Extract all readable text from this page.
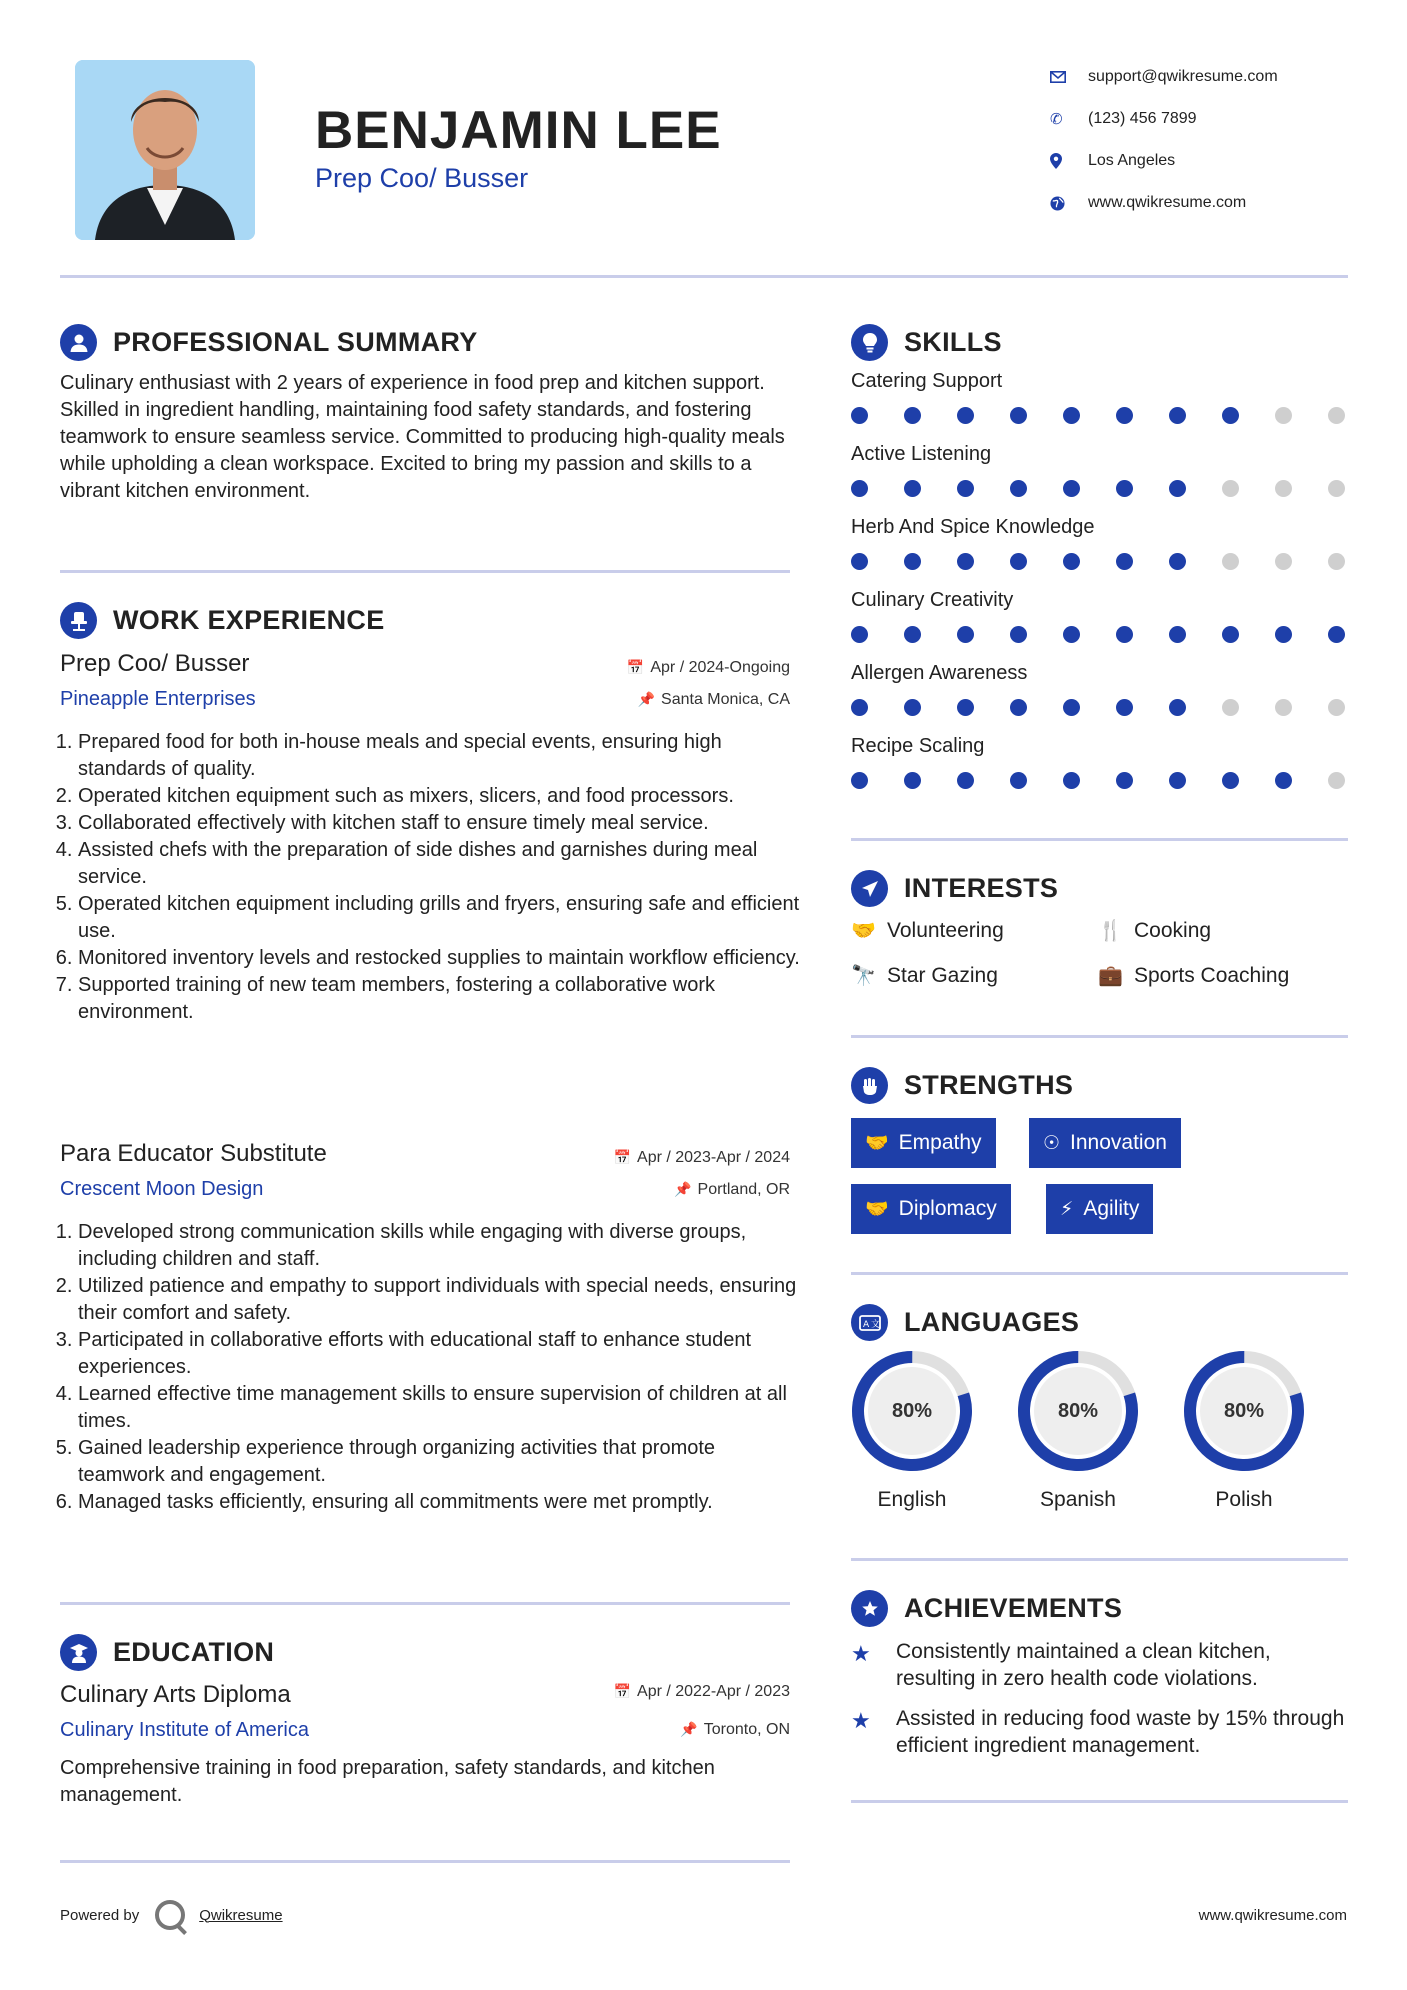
BENJAMIN LEE
Prep Coo/ Busser
support@qwikresume.com
✆	(123) 456 7899
Los Angeles
www.qwikresume.com
PROFESSIONAL SUMMARY
Culinary enthusiast with 2 years of experience in food prep and kitchen support. Skilled in ingredient handling, maintaining food safety standards, and fostering teamwork to ensure seamless service. Committed to producing high-quality meals while upholding a clean workspace. Excited to bring my passion and skills to a vibrant kitchen environment.
WORK EXPERIENCE
Prep Coo/ Busser
Pineapple Enterprises
📅 Apr / 2024-Ongoing
📌 Santa Monica, CA
1. Prepared food for both in-house meals and special events, ensuring high standards of quality.
2. Operated kitchen equipment such as mixers, slicers, and food processors.
3. Collaborated effectively with kitchen staff to ensure timely meal service.
4. Assisted chefs with the preparation of side dishes and garnishes during meal service.
5. Operated kitchen equipment including grills and fryers, ensuring safe and efficient use.
6. Monitored inventory levels and restocked supplies to maintain workflow efficiency.
7. Supported training of new team members, fostering a collaborative work environment.
Para Educator Substitute
Crescent Moon Design
📅 Apr / 2023-Apr / 2024
📌 Portland, OR
1. Developed strong communication skills while engaging with diverse groups, including children and staff.
2. Utilized patience and empathy to support individuals with special needs, ensuring their comfort and safety.
3. Participated in collaborative efforts with educational staff to enhance student experiences.
4. Learned effective time management skills to ensure supervision of children at all times.
5. Gained leadership experience through organizing activities that promote teamwork and engagement.
6. Managed tasks efficiently, ensuring all commitments were met promptly.
EDUCATION
Culinary Arts Diploma
Culinary Institute of America
📅 Apr / 2022-Apr / 2023
📌 Toronto, ON
Comprehensive training in food preparation, safety standards, and kitchen management.
SKILLS
Catering Support
Active Listening
Herb And Spice Knowledge
Culinary Creativity
Allergen Awareness
Recipe Scaling
INTERESTS
🤝 Volunteering	🍴 Cooking
🔭 Star Gazing	💼 Sports Coaching
STRENGTHS
🤝 Empathy	☉ Innovation
🤝 Diplomacy	⚡ Agility
A 文 LANGUAGES
80%
English
80%
Spanish
80%
Polish
ACHIEVEMENTS
★	Consistently maintained a clean kitchen, resulting in zero health code violations.
★	Assisted in reducing food waste by 15% through efficient ingredient management.
Powered by	Qwikresume	www.qwikresume.com
